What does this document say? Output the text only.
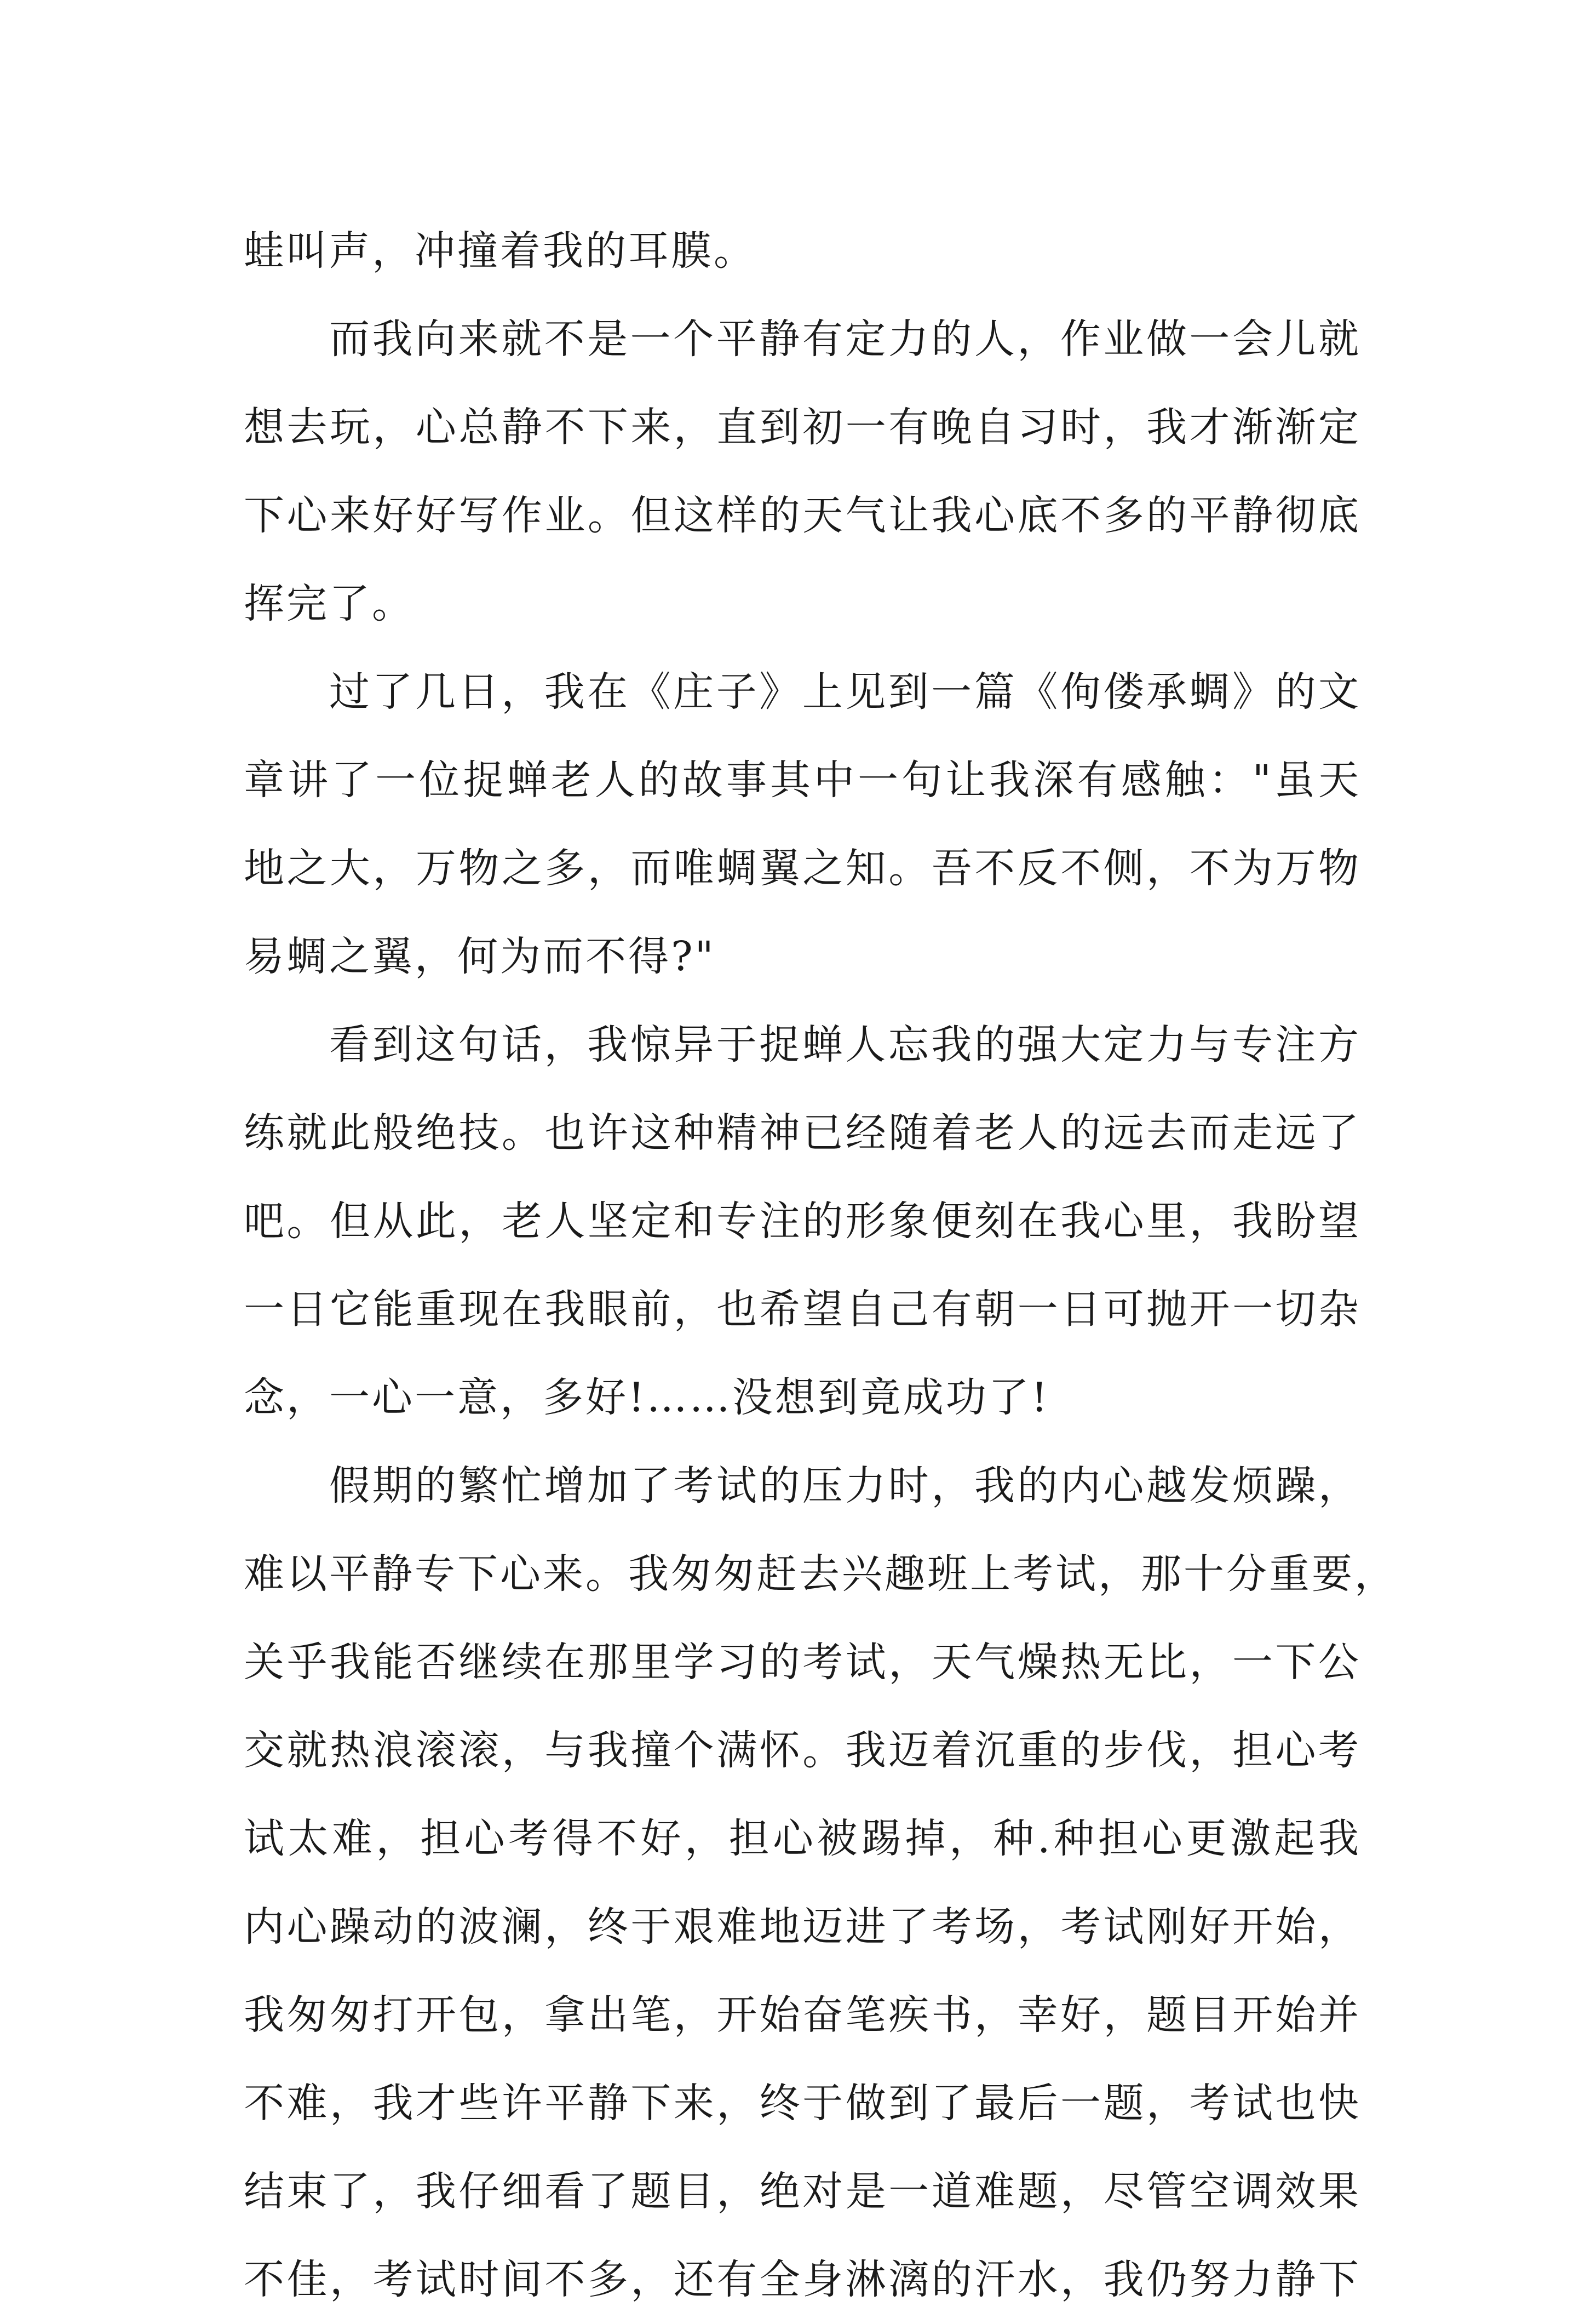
蛙叫声，冲撞着我的耳膜。
而我向来就不是一个平静有定力的人，作业做一会儿就
想去玩，心总静不下来，直到初一有晚自习时，我才渐渐定
下心来好好写作业。但这样的天气让我心底不多的平静彻底
挥完了。
过了几日，我在《庄子》上见到一篇《佝偻承蜩》的文
章讲了一位捉蝉老人的故事其中一句让我深有感触："虽天
地之大，万物之多，而唯蜩翼之知。吾不反不侧，不为万物
易蜩之翼，何为而不得?"
看到这句话，我惊异于捉蝉人忘我的强大定力与专注方
练就此般绝技。也许这种精神已经随着老人的远去而走远了
吧。但从此，老人坚定和专注的形象便刻在我心里，我盼望
一日它能重现在我眼前，也希望自己有朝一日可抛开一切杂
念，一心一意，多好!……没想到竟成功了!
假期的繁忙增加了考试的压力时，我的内心越发烦躁，
难以平静专下心来。我匆匆赶去兴趣班上考试，那十分重要，
关乎我能否继续在那里学习的考试，天气燥热无比，一下公
交就热浪滚滚，与我撞个满怀。我迈着沉重的步伐，担心考
试太难，担心考得不好，担心被踢掉，种.种担心更激起我
内心躁动的波澜，终于艰难地迈进了考场，考试刚好开始，
我匆匆打开包，拿出笔，开始奋笔疾书，幸好，题目开始并
不难，我才些许平静下来，终于做到了最后一题，考试也快
结束了，我仔细看了题目，绝对是一道难题，尽管空调效果
不佳，考试时间不多，还有全身淋漓的汗水，我仍努力静下
